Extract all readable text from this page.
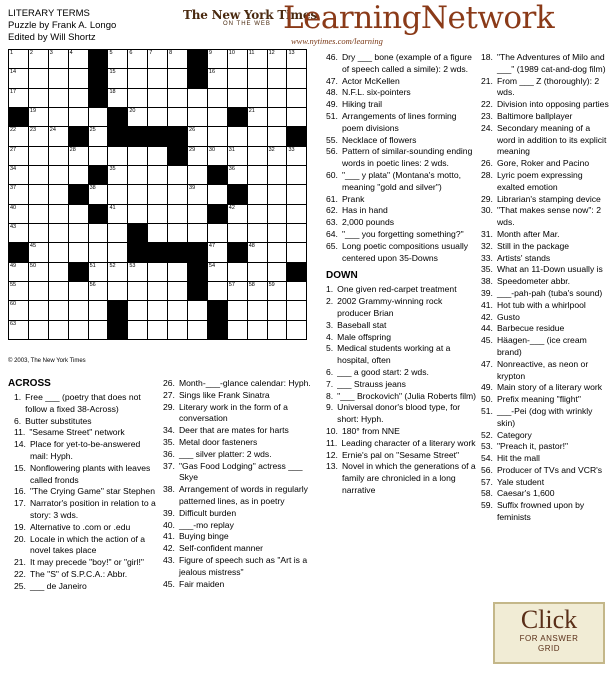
LITERARY TERMS
Puzzle by Frank A. Longo
Edited by Will Shortz
The New York Times
ON THE WEB LearningNetwork
www.nytimes.com/learning
1	2	3	4		5	6	7	8		9	10	11	12	13

14					15					16				

17					18									

	19					20						21		

22	23	24		25					26					

27			28						29	30	31		32	33

34					35						36			

37				38					39					

40					41						42			

43														

	45									47		48		

49	50			51	52	53				54				

55				56							57	58	59	

60														

63														

© 2003, The New York Times
ACROSS
1. Free ___ (poetry that does not follow a fixed 38-Across)
6. Butter substitutes
11. "Sesame Street" network
14. Place for yet-to-be-answered mail: Hyph.
15. Nonflowering plants with leaves called fronds
16. "The Crying Game" star Stephen
17. Narrator's position in relation to a story: 3 wds.
19. Alternative to .com or .edu
20. Locale in which the action of a novel takes place
21. It may precede "boy!" or "girl!"
22. The "S" of S.P.C.A.: Abbr.
25. ___ de Janeiro
26. Month-___-glance calendar: Hyph.
27. Sings like Frank Sinatra
29. Literary work in the form of a conversation
34. Deer that are mates for harts
35. Metal door fasteners
36. ___ silver platter: 2 wds.
37. "Gas Food Lodging" actress ___ Skye
38. Arrangement of words in regularly patterned lines, as in poetry
39. Difficult burden
40. ___-mo replay
41. Buying binge
42. Self-confident manner
43. Figure of speech such as "Art is a jealous mistress"
45. Fair maiden
46. Dry ___ bone (example of a figure of speech called a simile): 2 wds.
47. Actor McKellen
48. N.F.L. six-pointers
49. Hiking trail
51. Arrangements of lines forming poem divisions
55. Necklace of flowers
56. Pattern of similar-sounding ending words in poetic lines: 2 wds.
60. "___ y plata" (Montana's motto, meaning "gold and silver")
61. Prank
62. Has in hand
63. 2,000 pounds
64. "___ you forgetting something?"
65. Long poetic compositions usually centered upon 35-Downs
DOWN
1. One given red-carpet treatment
2. 2002 Grammy-winning rock producer Brian
3. Baseball stat
4. Male offspring
5. Medical students working at a hospital, often
6. ___ a good start: 2 wds.
7. ___ Strauss jeans
8. "___ Brockovich" (Julia Roberts film)
9. Universal donor's blood type, for short: Hyph.
10. 180° from NNE
11. Leading character of a literary work
12. Ernie's pal on "Sesame Street"
13. Novel in which the generations of a family are chronicled in a long narrative
18. "The Adventures of Milo and ___" (1989 cat-and-dog film)
21. From ___ Z (thoroughly): 2 wds.
22. Division into opposing parties
23. Baltimore ballplayer
24. Secondary meaning of a word in addition to its explicit meaning
26. Gore, Roker and Pacino
28. Lyric poem expressing exalted emotion
29. Librarian's stamping device
30. "That makes sense now": 2 wds.
31. Month after Mar.
32. Still in the package
33. Artists' stands
35. What an 11-Down usually is
38. Speedometer abbr.
39. ___-pah-pah (tuba's sound)
41. Hot tub with a whirlpool
42. Gusto
44. Barbecue residue
45. Häagen-___ (ice cream brand)
47. Nonreactive, as neon or krypton
49. Main story of a literary work
50. Prefix meaning "flight"
51. ___-Pei (dog with wrinkly skin)
52. Category
53. "Preach it, pastor!"
54. Hit the mall
56. Producer of TVs and VCR's
57. Yale student
58. Caesar's 1,600
59. Suffix frowned upon by feminists
Click
FOR ANSWER
GRID
